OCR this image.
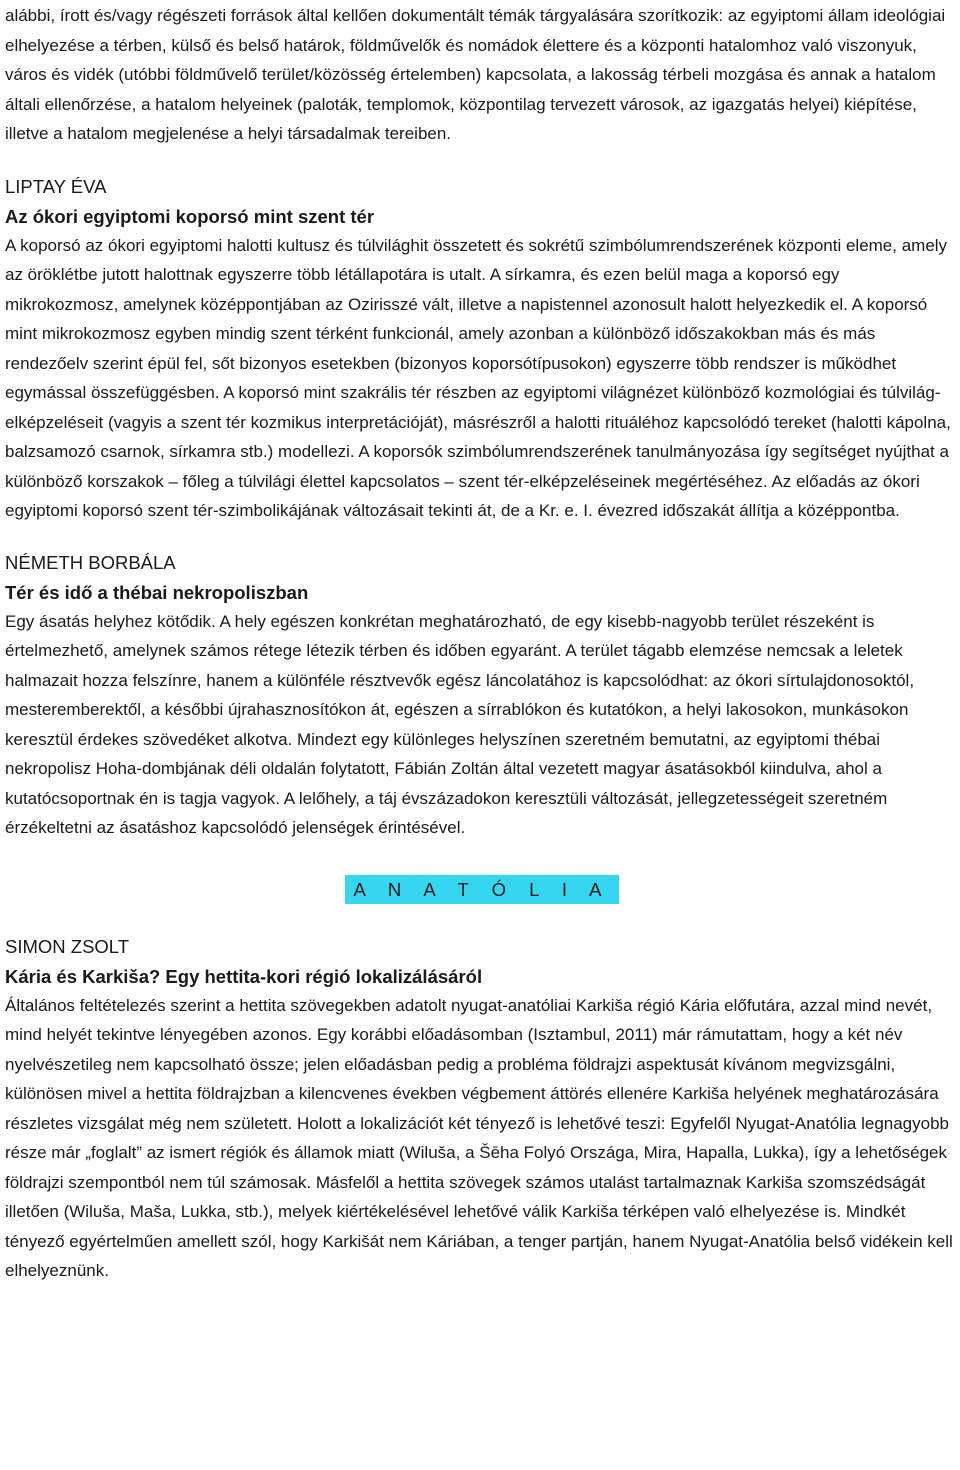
alábbi, írott és/vagy régészeti források által kellően dokumentált témák tárgyalására szorítkozik: az egyiptomi állam ideológiai elhelyezése a térben, külső és belső határok, földművelők és nomádok élettere és a központi hatalomhoz való viszonyuk, város és vidék (utóbbi földművelő terület/közösség értelemben) kapcsolata, a lakosság térbeli mozgása és annak a hatalom általi ellenőrzése, a hatalom helyeinek (paloták, templomok, központilag tervezett városok, az igazgatás helyei) kiépítése, illetve a hatalom megjelenése a helyi társadalmak tereiben.

LIPTAY ÉVA
Az ókori egyiptomi koporsó mint szent tér

A koporsó az ókori egyiptomi halotti kultusz és túlvilághit összetett és sokrétű szimbólumrendszerének központi eleme, amely az öröklétbe jutott halottnak egyszerre több létállapotára is utalt. A sírkamra, és ezen belül maga a koporsó egy mikrokozmosz, amelynek középpontjában az Ozirisszé vált, illetve a napistennel azonosult halott helyezkedik el. A koporsó mint mikrokozmosz egyben mindig szent térként funkcionál, amely azonban a különböző időszakokban más és más rendezőelv szerint épül fel, sőt bizonyos esetekben (bizonyos koporsótípusokon) egyszerre több rendszer is működhet egymással összefüggésben. A koporsó mint szakrális tér részben az egyiptomi világnézet különböző kozmológiai és túlvilág-elképzeléseit (vagyis a szent tér kozmikus interpretációját), másrészről a halotti rituáléhoz kapcsolódó tereket (halotti kápolna, balzsamozó csarnok, sírkamra stb.) modellezi. A koporsók szimbólumrendszerének tanulmányozása így segítséget nyújthat a különböző korszakok – főleg a túlvilági élettel kapcsolatos – szent tér-elképzeléseinek megértéséhez. Az előadás az ókori egyiptomi koporsó szent tér-szimbolikájának változásait tekinti át, de a Kr. e. I. évezred időszakát állítja a középpontba.

NÉMETH BORBÁLA
Tér és idő a thébai nekropoliszban

Egy ásatás helyhez kötődik. A hely egészen konkrétan meghatározható, de egy kisebb-nagyobb terület részeként is értelmezhető, amelynek számos rétege létezik térben és időben egyaránt. A terület tágabb elemzése nemcsak a leletek halmazait hozza felszínre, hanem a különféle résztvevők egész láncolatához is kapcsolódhat: az ókori sírtulajdonosoktól, mesteremberektől, a későbbi újrahasznosítókon át, egészen a sírrablókon és kutatókon, a helyi lakosokon, munkásokon keresztül érdekes szövedéket alkotva. Mindezt egy különleges helyszínen szeretném bemutatni, az egyiptomi thébai nekropolisz Hoha-dombjának déli oldalán folytatott, Fábián Zoltán által vezetett magyar ásatásokból kiindulva, ahol a kutatócsoportnak én is tagja vagyok. A lelőhely, a táj évszázadokon keresztüli változását, jellegzetességeit szeretném érzékeltetni az ásatáshoz kapcsolódó jelenségek érintésével.

A N A T Ó L I A
SIMON ZSOLT
Kária és Karkiša? Egy hettita-kori régió lokalizálásáról

Általános feltételezés szerint a hettita szövegekben adatolt nyugat-anatóliai Karkiša régió Kária előfutára, azzal mind nevét, mind helyét tekintve lényegében azonos. Egy korábbi előadásomban (Isztambul, 2011) már rámutattam, hogy a két név nyelvészetileg nem kapcsolható össze; jelen előadásban pedig a probléma földrajzi aspektusát kívánom megvizsgálni, különösen mivel a hettita földrajzban a kilencvenes években végbement áttörés ellenére Karkiša helyének meghatározására részletes vizsgálat még nem született. Holott a lokalizációt két tényező is lehetővé teszi: Egyfelől Nyugat-Anatólia legnagyobb része már „foglalt” az ismert régiók és államok miatt (Wiluša, a Šēha Folyó Országa, Mira, Hapalla, Lukka), így a lehetőségek földrajzi szempontból nem túl számosak. Másfelől a hettita szövegek számos utalást tartalmaznak Karkiša szomszédságát illetően (Wiluša, Maša, Lukka, stb.), melyek kiértékelésével lehetővé válik Karkiša térképen való elhelyezése is. Mindkét tényező egyértelműen amellett szól, hogy Karkišát nem Káriában, a tenger partján, hanem Nyugat-Anatólia belső vidékein kell elhelyeznünk.
